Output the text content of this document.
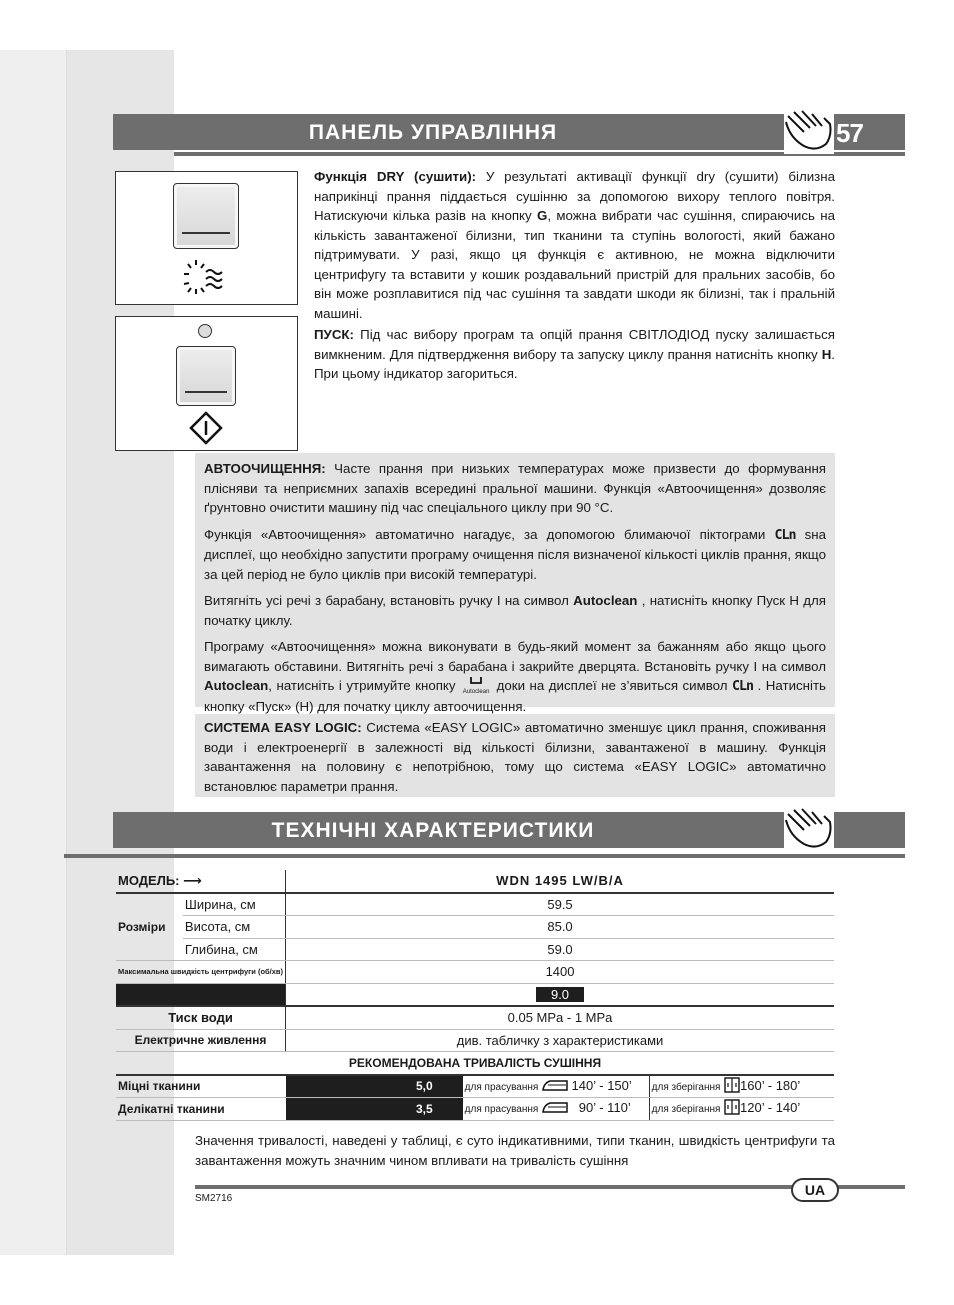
ПАНЕЛЬ УПРАВЛІННЯ	57

Функція DRY (сушити): У результаті активації функції dry (сушити) білизна наприкінці прання піддається сушінню за допомогою вихору теплого повітря. Натискуючи кілька разів на кнопку G, можна вибрати час сушіння, спираючись на кількість завантаженої білизни, тип тканини та ступінь вологості, який бажано підтримувати. У разі, якщо ця функція є активною, не можна відключити центрифугу та вставити у кошик роздавальний пристрій для пральних засобів, бо він може розплавитися під час сушіння та завдати шкоди як білизні, так і пральній машині.

ПУСК: Під час вибору програм та опцій прання СВІТЛОДІОД пуску залишається вимкненим. Для підтвердження вибору та запуску циклу прання натисніть кнопку H. При цьому індикатор загориться.

АВТООЧИЩЕННЯ: Часте прання при низьких температурах може призвести до формування плісняви та неприємних запахів всередині пральної машини. Функція «Автоочищення» дозволяє ґрунтовно очистити машину під час спеціального циклу при 90 °C.

Функція «Автоочищення» автоматично нагадує, за допомогою блимаючої піктограми CLn sна дисплеї, що необхідно запустити програму очищення після визначеної кількості циклів прання, якщо за цей період не було циклів при високій температурі.

Витягніть усі речі з барабану, встановіть ручку I на символ Autoclean , натисніть кнопку Пуск H для початку циклу.

Програму «Автоочищення» можна виконувати в будь-який момент за бажанням або якщо цього вимагають обставини. Витягніть речі з барабана і закрийте дверцята. Встановіть ручку I на символ Autoclean, натисніть і утримуйте кнопку
Autoclean доки на дисплеї не з’явиться символ CLn . Натисніть кнопку «Пуск» (H) для початку циклу автоочищення.

СИСТЕМА EASY LOGIC: Система «EASY LOGIC» автоматично зменшує цикл прання, споживання води і електроенергії в залежності від кількості білизни, завантаженої в машину. Функція завантаження на половину є непотрібною, тому що система «EASY LOGIC» автоматично встановлює параметри прання.

ТЕХНІЧНІ ХАРАКТЕРИСТИКИ
МОДЕЛЬ: ⟶		WDN 1495 LW/B/A		
Розміри	Ширина, см	59.5		
	Висота, см	85.0		
	Глибина, см	59.0		
Максимальна швидкість центрифуги (об/хв)		1400		
		9.0		
Тиск води		0.05 MPa - 1 MPa		
Електричне живлення		див. табличку з характеристиками		
РЕКОМЕНДОВАНА ТРИВАЛІСТЬ СУШІННЯ				
Міцні тканини		5,0	для прасування 140’ - 150’	для зберігання 160’ - 180’
Делікатні тканини		3,5	для прасування 90’ - 110’	для зберігання 120’ - 140’
Значення тривалості, наведені у таблиці, є суто індикативними, типи тканин, швидкість центрифуги та завантаження можуть значним чином впливати на тривалість сушіння
UA
SM2716
